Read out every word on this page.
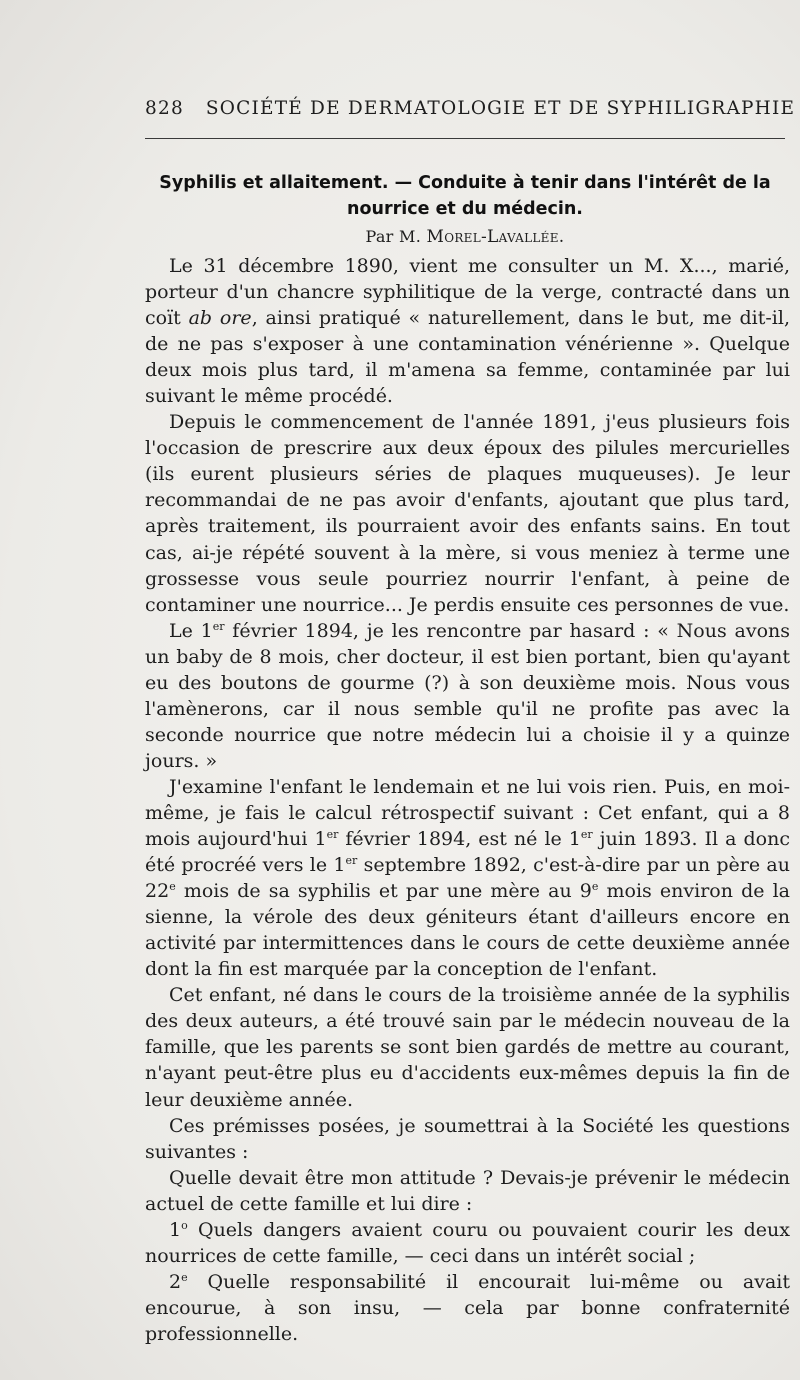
828 SOCIÉTÉ DE DERMATOLOGIE ET DE SYPHILIGRAPHIE
Syphilis et allaitement. — Conduite à tenir dans l'intérêt de la
nourrice et du médecin.
Par M. Morel-Lavallée.

Le 31 décembre 1890, vient me consulter un M. X..., marié, porteur d'un chancre syphilitique de la verge, contracté dans un coït ab ore, ainsi pratiqué « naturellement, dans le but, me dit-il, de ne pas s'exposer à une contamination vénérienne ». Quelque deux mois plus tard, il m'amena sa femme, contaminée par lui suivant le même procédé.

Depuis le commencement de l'année 1891, j'eus plusieurs fois l'occasion de prescrire aux deux époux des pilules mercurielles (ils eurent plusieurs séries de plaques muqueuses). Je leur recommandai de ne pas avoir d'enfants, ajoutant que plus tard, après traitement, ils pourraient avoir des enfants sains. En tout cas, ai-je répété souvent à la mère, si vous meniez à terme une grossesse vous seule pourriez nourrir l'enfant, à peine de contaminer une nourrice... Je perdis ensuite ces personnes de vue.

Le 1er février 1894, je les rencontre par hasard : « Nous avons un baby de 8 mois, cher docteur, il est bien portant, bien qu'ayant eu des boutons de gourme (?) à son deuxième mois. Nous vous l'amènerons, car il nous semble qu'il ne profite pas avec la seconde nourrice que notre médecin lui a choisie il y a quinze jours. »

J'examine l'enfant le lendemain et ne lui vois rien. Puis, en moi-même, je fais le calcul rétrospectif suivant : Cet enfant, qui a 8 mois aujourd'hui 1er février 1894, est né le 1er juin 1893. Il a donc été procréé vers le 1er septembre 1892, c'est-à-dire par un père au 22e mois de sa syphilis et par une mère au 9e mois environ de la sienne, la vérole des deux géniteurs étant d'ailleurs encore en activité par intermittences dans le cours de cette deuxième année dont la fin est marquée par la conception de l'enfant.

Cet enfant, né dans le cours de la troisième année de la syphilis des deux auteurs, a été trouvé sain par le médecin nouveau de la famille, que les parents se sont bien gardés de mettre au courant, n'ayant peut-être plus eu d'accidents eux-mêmes depuis la fin de leur deuxième année.

Ces prémisses posées, je soumettrai à la Société les questions suivantes :

Quelle devait être mon attitude ? Devais-je prévenir le médecin actuel de cette famille et lui dire :

1$^o$ Quels dangers avaient couru ou pouvaient courir les deux nourrices de cette famille, — ceci dans un intérêt social ;

2e Quelle responsabilité il encourait lui-même ou avait encourue, à son insu, — cela par bonne confraternité professionnelle.
